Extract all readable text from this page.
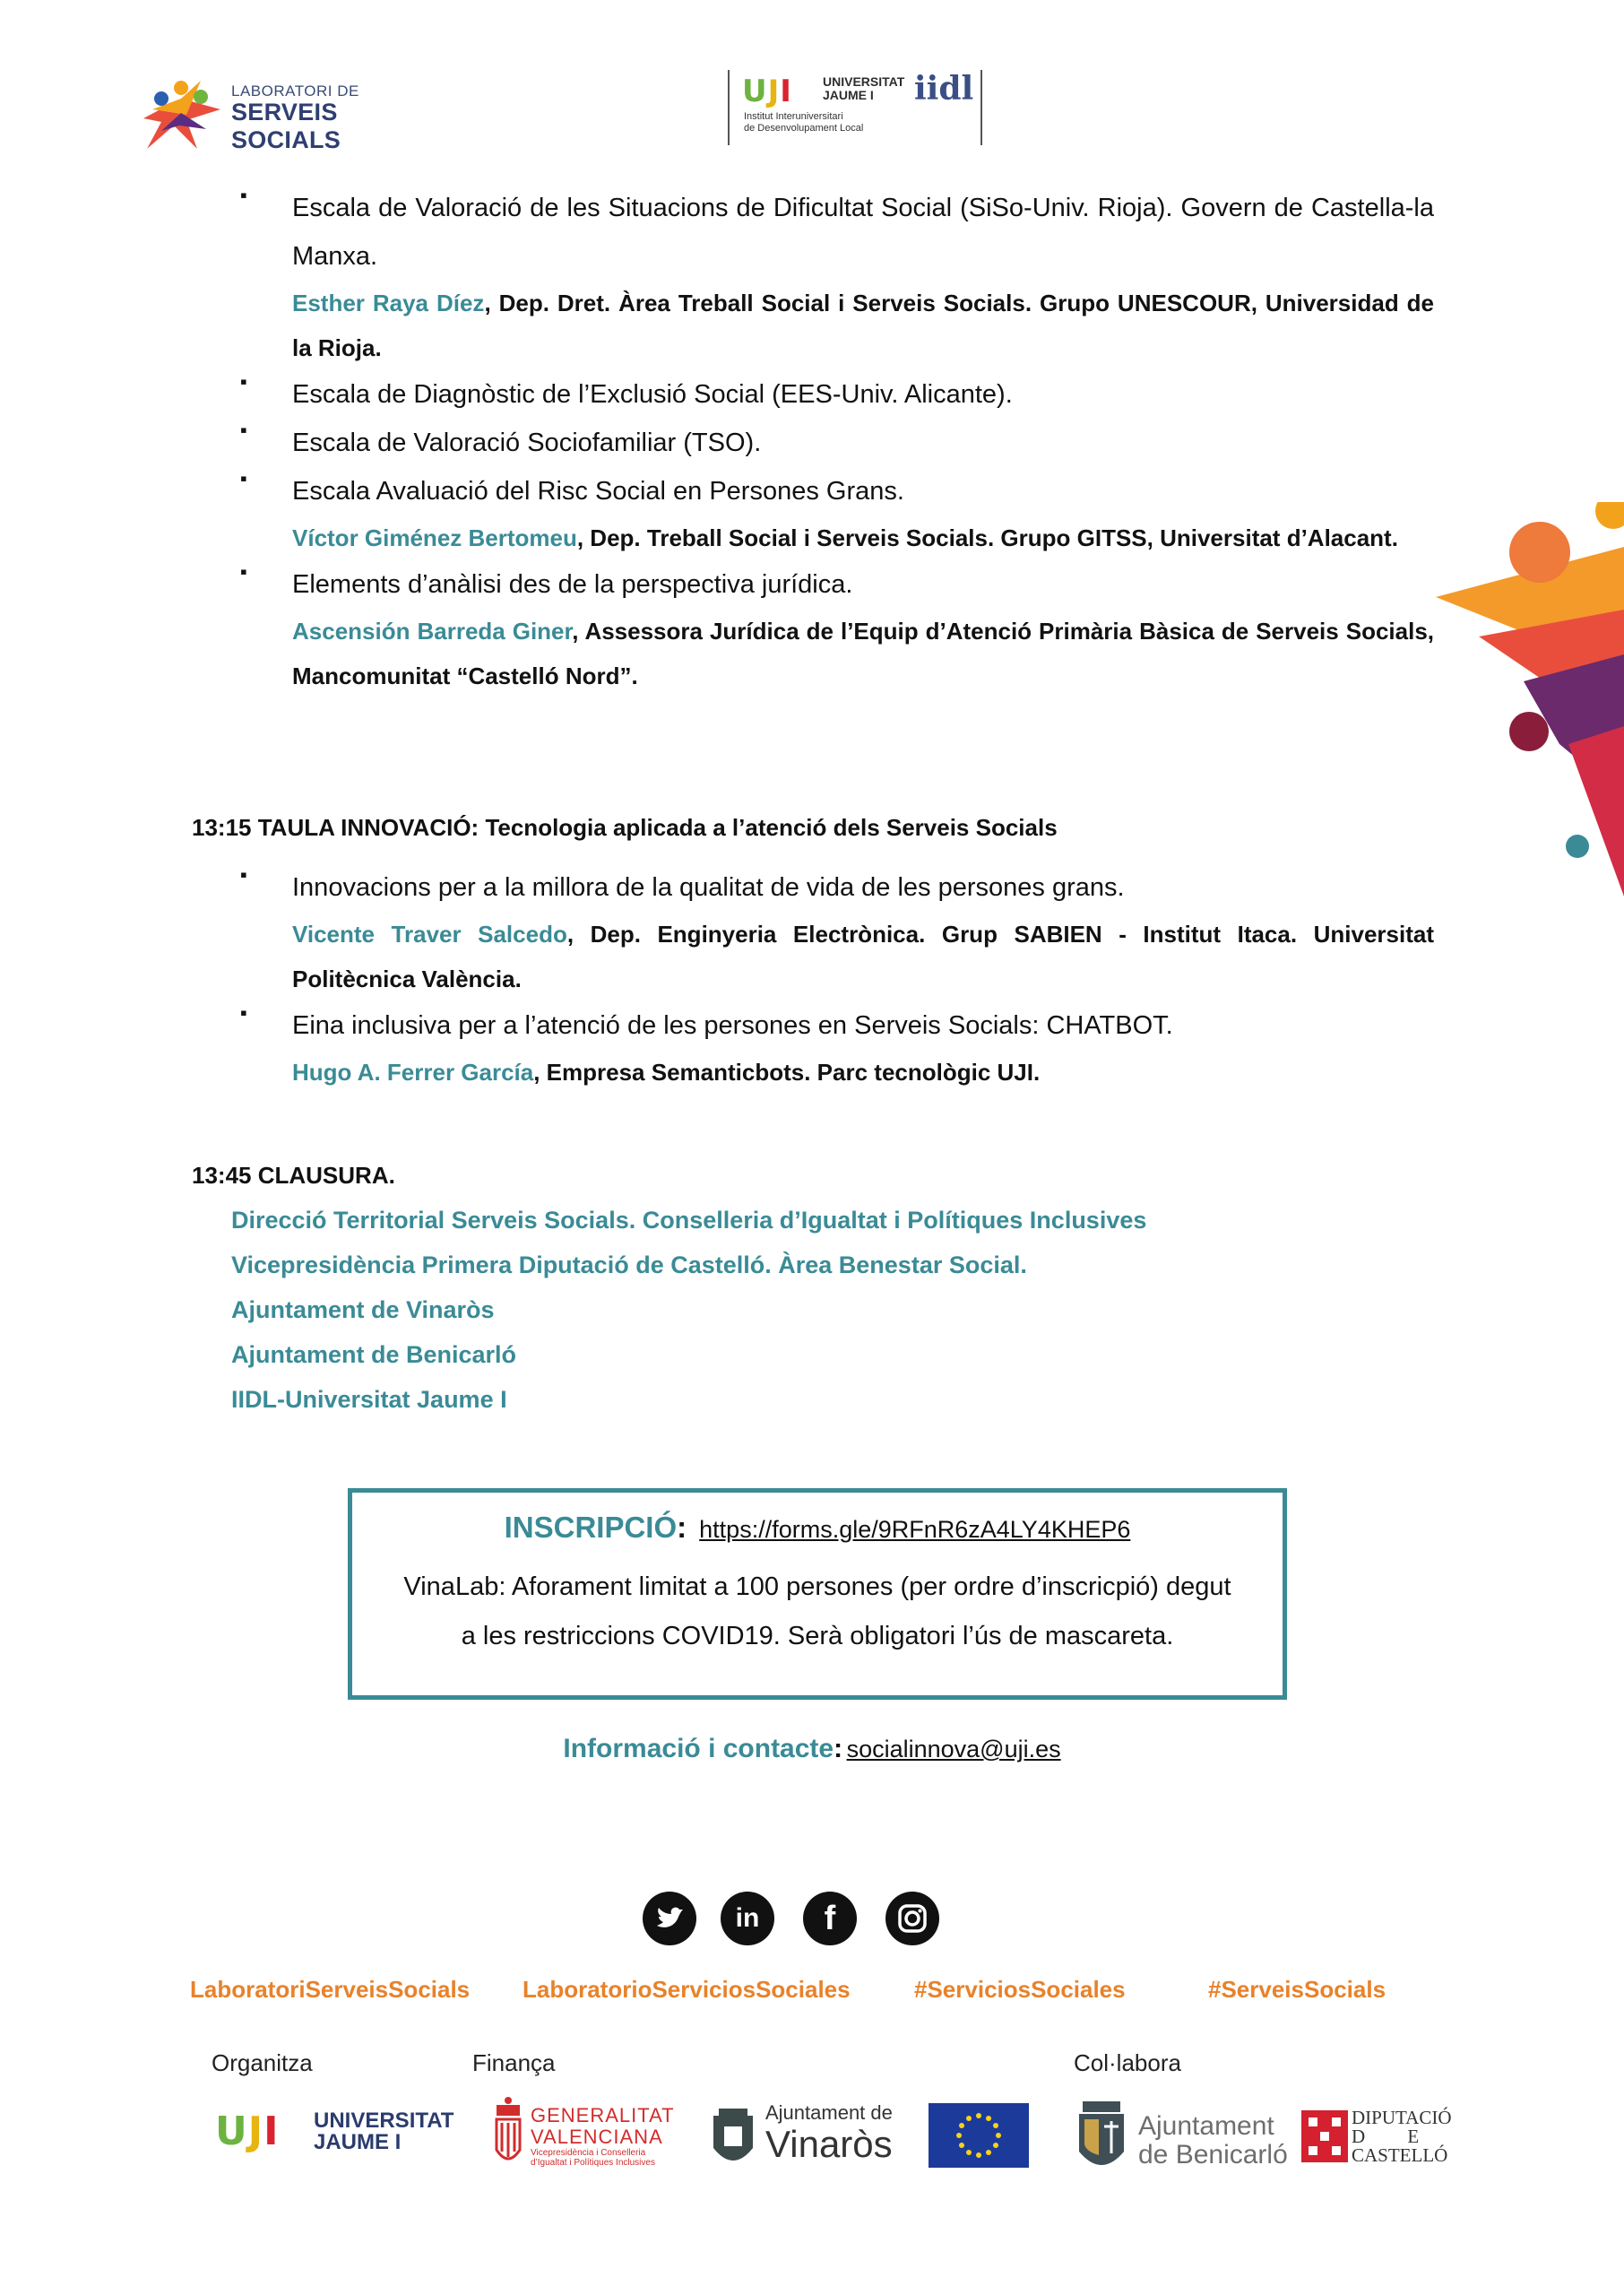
LABORATORI DE
SERVEIS SOCIALS
UJI UNIVERSITAT
JAUME I
Institut Interuniversitari
de Desenvolupament Local
iidl
▪ Escala de Valoració de les Situacions de Dificultat Social (SiSo-Univ. Rioja). Govern de Castella-la Manxa.
Esther Raya Díez, Dep. Dret. Àrea Treball Social i Serveis Socials. Grupo UNESCOUR, Universidad de la Rioja.
▪ Escala de Diagnòstic de l’Exclusió Social (EES-Univ. Alicante).
▪ Escala de Valoració Sociofamiliar (TSO).
▪ Escala Avaluació del Risc Social en Persones Grans.
Víctor Giménez Bertomeu, Dep. Treball Social i Serveis Socials. Grupo GITSS, Universitat d’Alacant.
▪ Elements d’anàlisi des de la perspectiva jurídica.
Ascensión Barreda Giner, Assessora Jurídica de l’Equip d’Atenció Primària Bàsica de Serveis Socials, Mancomunitat “Castelló Nord”.
13:15 TAULA INNOVACIÓ: Tecnologia aplicada a l’atenció dels Serveis Socials
▪ Innovacions per a la millora de la qualitat de vida de les persones grans.
Vicente Traver Salcedo, Dep. Enginyeria Electrònica. Grup SABIEN - Institut Itaca. Universitat Politècnica València.
▪ Eina inclusiva per a l’atenció de les persones en Serveis Socials: CHATBOT.
Hugo A. Ferrer García, Empresa Semanticbots. Parc tecnològic UJI.
13:45 CLAUSURA.
Direcció Territorial Serveis Socials. Conselleria d’Igualtat i Polítiques Inclusives
Vicepresidència Primera Diputació de Castelló. Àrea Benestar Social.
Ajuntament de Vinaròs
Ajuntament de Benicarló
IIDL-Universitat Jaume I
INSCRIPCIÓ: https://forms.gle/9RFnR6zA4LY4KHEP6
VinaLab: Aforament limitat a 100 persones (per ordre d’inscricpió) degut
a les restriccions COVID19. Serà obligatori l’ús de mascareta.
Informació i contacte: socialinnova@uji.es
in	f
LaboratoriServeisSocials LaboratorioServiciosSociales	#ServiciosSociales	#ServeisSocials
Organitza	Finança	Col·labora
UJI UNIVERSITAT
JAUME I
GENERALITAT
VALENCIANA
Vicepresidència i Conselleria
d’Igualtat i Polítiques Inclusives
Ajuntament de
Vinaròs	Ajuntament
de Benicarló
DIPUTACIÓ
D         E
CASTELLÓ
